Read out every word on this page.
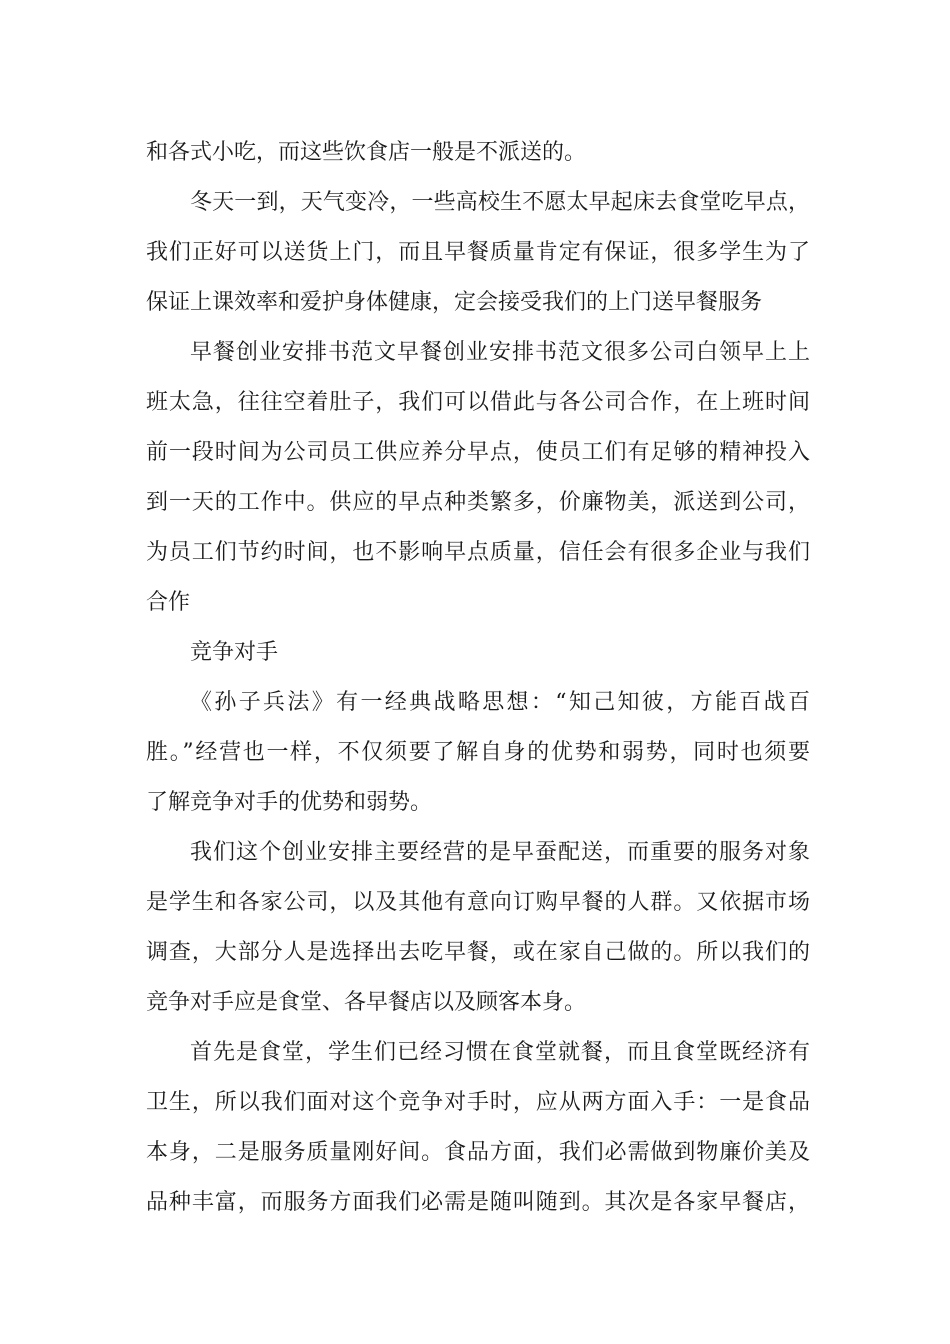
和各式小吃，而这些饮食店一般是不派送的。
冬天一到，天气变冷，一些高校生不愿太早起床去食堂吃早点，
我们正好可以送货上门，而且早餐质量肯定有保证，很多学生为了
保证上课效率和爱护身体健康，定会接受我们的上门送早餐服务
早餐创业安排书范文早餐创业安排书范文很多公司白领早上上
班太急，往往空着肚子，我们可以借此与各公司合作，在上班时间
前一段时间为公司员工供应养分早点，使员工们有足够的精神投入
到一天的工作中。供应的早点种类繁多，价廉物美，派送到公司，
为员工们节约时间，也不影响早点质量，信任会有很多企业与我们
合作
竞争对手
《孙子兵法》有一经典战略思想：“知己知彼，方能百战百
胜。”经营也一样，不仅须要了解自身的优势和弱势，同时也须要
了解竞争对手的优势和弱势。
我们这个创业安排主要经营的是早蚕配送，而重要的服务对象
是学生和各家公司，以及其他有意向订购早餐的人群。又依据市场
调查，大部分人是选择出去吃早餐，或在家自己做的。所以我们的
竞争对手应是食堂、各早餐店以及顾客本身。
首先是食堂，学生们已经习惯在食堂就餐，而且食堂既经济有
卫生，所以我们面对这个竞争对手时，应从两方面入手：一是食品
本身，二是服务质量刚好间。食品方面，我们必需做到物廉价美及
品种丰富，而服务方面我们必需是随叫随到。其次是各家早餐店，
